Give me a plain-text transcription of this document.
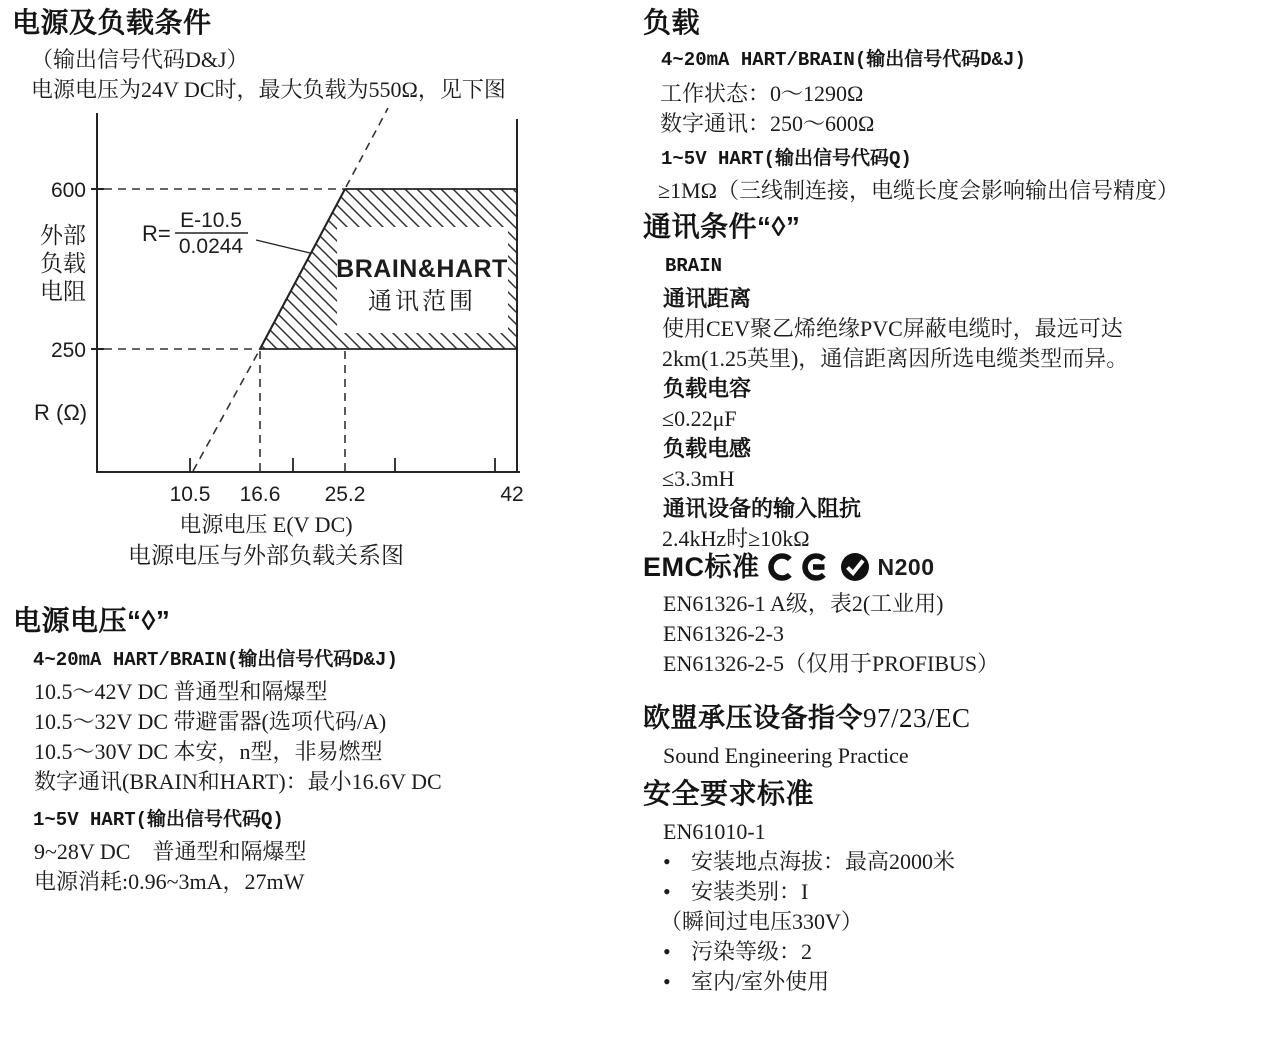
电源及负载条件
（输出信号代码D&J）
电源电压为24V DC时，最大负载为550Ω，见下图
BRAIN&HART
通讯范围
R=
E-10.5
0.0244
600
250
外部
负载
电阻
R (Ω)
10.5 16.6 25.2	42
电源电压 E(V DC)
电源电压与外部负载关系图
电源电压“◊”
4~20mA HART/BRAIN(输出信号代码D&J)
10.5～42V DC 普通型和隔爆型
10.5～32V DC 带避雷器(选项代码/A)
10.5～30V DC 本安，n型，非易燃型
数字通讯(BRAIN和HART)：最小16.6V DC
1~5V HART(输出信号代码Q)
9~28V DC　普通型和隔爆型
电源消耗:0.96~3mA，27mW
负载
4~20mA HART/BRAIN(输出信号代码D&J)
工作状态：0～1290Ω
数字通讯：250～600Ω
1~5V HART(输出信号代码Q)
≥1MΩ（三线制连接，电缆长度会影响输出信号精度）
通讯条件“◊”
BRAIN
通讯距离
使用CEV聚乙烯绝缘PVC屏蔽电缆时，最远可达
2km(1.25英里)，通信距离因所选电缆类型而异。
负载电容
≤0.22μF
负载电感
≤3.3mH
通讯设备的输入阻抗
2.4kHz时≥10kΩ
EMC标准	N200
EN61326-1 A级，表2(工业用)
EN61326-2-3
EN61326-2-5（仅用于PROFIBUS）
欧盟承压设备指令97/23/EC
Sound Engineering Practice
安全要求标准
EN61010-1
• 安装地点海拔：最高2000米
• 安装类别：I
（瞬间过电压330V）
• 污染等级：2
• 室内/室外使用
